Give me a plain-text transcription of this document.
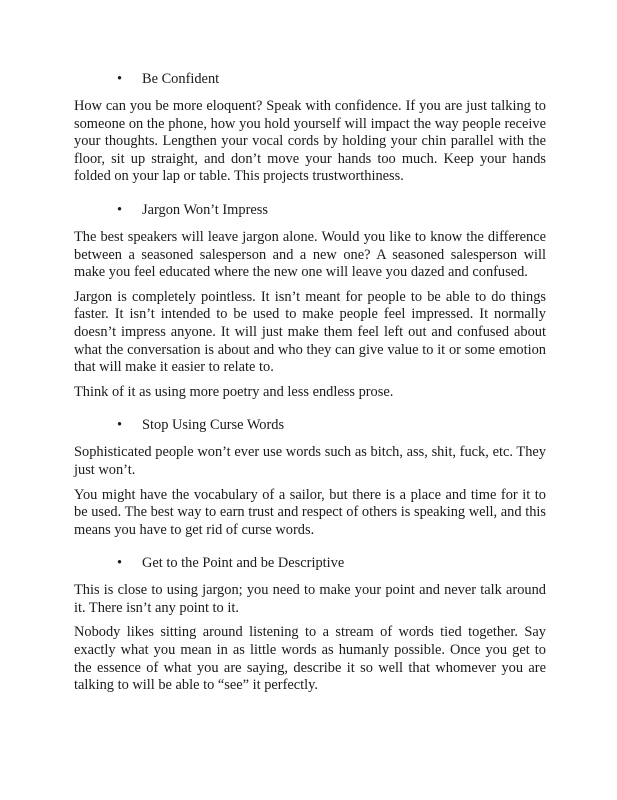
• Be Confident

How can you be more eloquent? Speak with confidence. If you are just talking to someone on the phone, how you hold yourself will impact the way people receive your thoughts. Lengthen your vocal cords by holding your chin parallel with the floor, sit up straight, and don’t move your hands too much. Keep your hands folded on your lap or table. This projects trustworthiness.

• Jargon Won’t Impress

The best speakers will leave jargon alone. Would you like to know the difference between a seasoned salesperson and a new one? A seasoned salesperson will make you feel educated where the new one will leave you dazed and confused.

Jargon is completely pointless. It isn’t meant for people to be able to do things faster. It isn’t intended to be used to make people feel impressed. It normally doesn’t impress anyone. It will just make them feel left out and confused about what the conversation is about and who they can give value to it or some emotion that will make it easier to relate to.

Think of it as using more poetry and less endless prose.

• Stop Using Curse Words

Sophisticated people won’t ever use words such as bitch, ass, shit, fuck, etc. They just won’t.

You might have the vocabulary of a sailor, but there is a place and time for it to be used. The best way to earn trust and respect of others is speaking well, and this means you have to get rid of curse words.

• Get to the Point and be Descriptive

This is close to using jargon; you need to make your point and never talk around it. There isn’t any point to it.

Nobody likes sitting around listening to a stream of words tied together. Say exactly what you mean in as little words as humanly possible. Once you get to the essence of what you are saying, describe it so well that whomever you are talking to will be able to “see” it perfectly.
